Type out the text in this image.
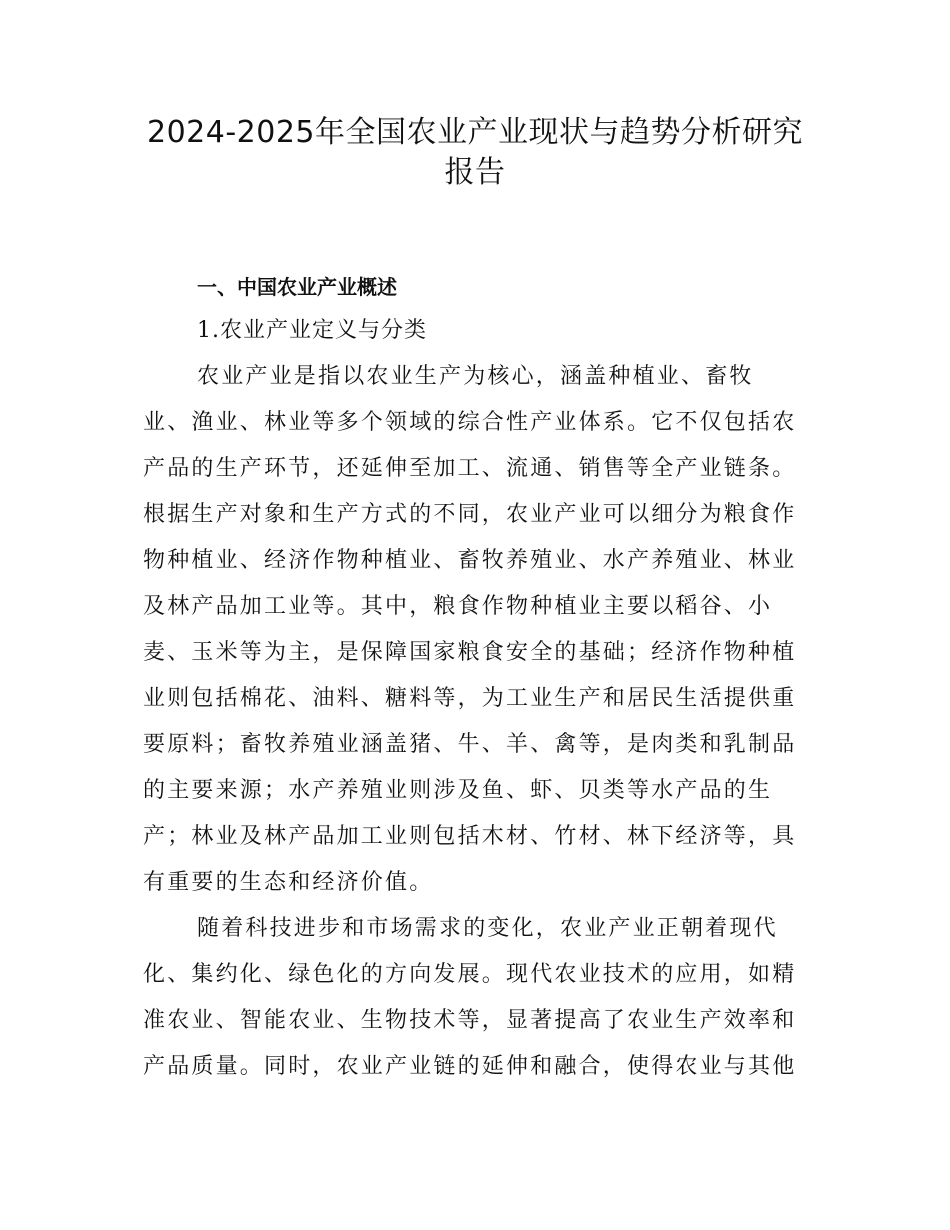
2024-2025年全国农业产业现状与趋势分析研究
报告
一、中国农业产业概述
1.农业产业定义与分类
农业产业是指以农业生产为核心，涵盖种植业、畜牧
业、渔业、林业等多个领域的综合性产业体系。它不仅包括农
产品的生产环节，还延伸至加工、流通、销售等全产业链条。
根据生产对象和生产方式的不同，农业产业可以细分为粮食作
物种植业、经济作物种植业、畜牧养殖业、水产养殖业、林业
及林产品加工业等。其中，粮食作物种植业主要以稻谷、小
麦、玉米等为主，是保障国家粮食安全的基础；经济作物种植
业则包括棉花、油料、糖料等，为工业生产和居民生活提供重
要原料；畜牧养殖业涵盖猪、牛、羊、禽等，是肉类和乳制品
的主要来源；水产养殖业则涉及鱼、虾、贝类等水产品的生
产；林业及林产品加工业则包括木材、竹材、林下经济等，具
有重要的生态和经济价值。
随着科技进步和市场需求的变化，农业产业正朝着现代
化、集约化、绿色化的方向发展。现代农业技术的应用，如精
准农业、智能农业、生物技术等，显著提高了农业生产效率和
产品质量。同时，农业产业链的延伸和融合，使得农业与其他
